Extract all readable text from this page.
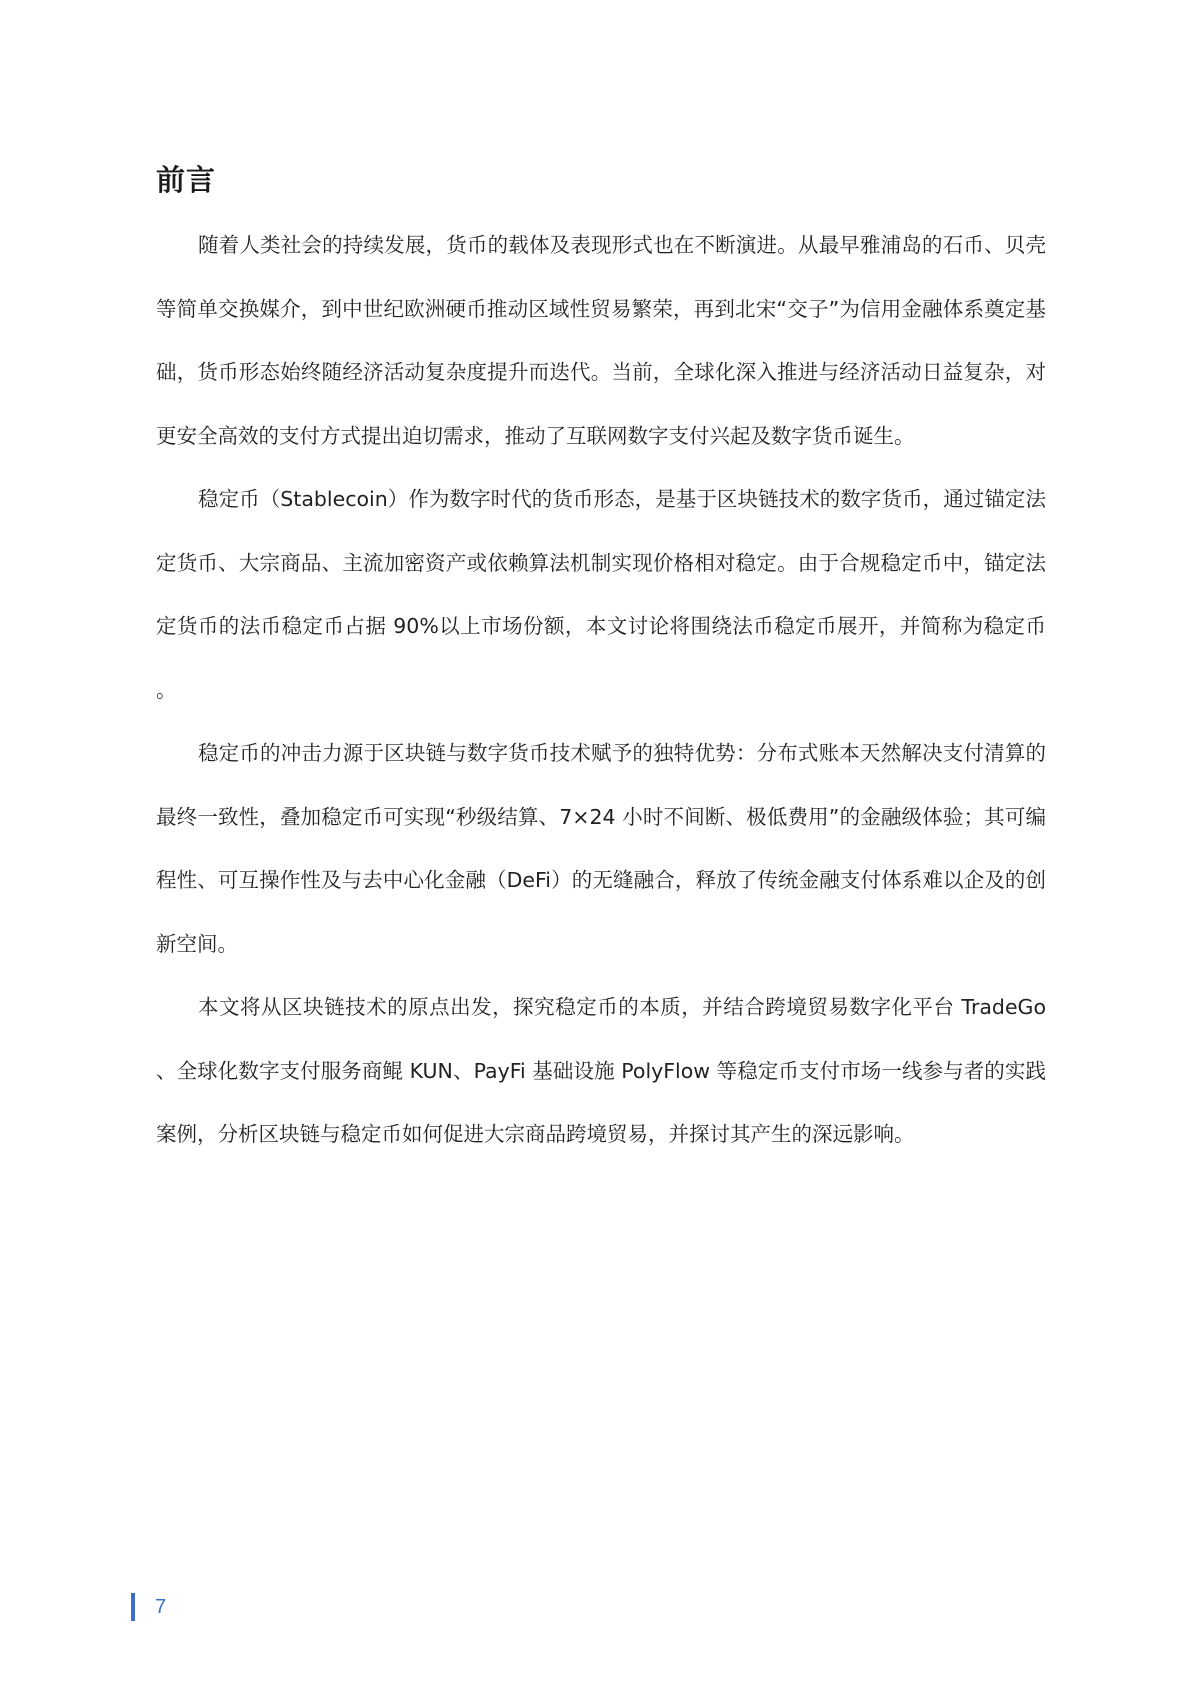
前言

随着人类社会的持续发展，货币的载体及表现形式也在不断演进。从最早雅浦岛的石币、贝壳等简单交换媒介，到中世纪欧洲硬币推动区域性贸易繁荣，再到北宋“交子”为信用金融体系奠定基础，货币形态始终随经济活动复杂度提升而迭代。当前，全球化深入推进与经济活动日益复杂，对更安全高效的支付方式提出迫切需求，推动了互联网数字支付兴起及数字货币诞生。

稳定币（Stablecoin）作为数字时代的货币形态，是基于区块链技术的数字货币，通过锚定法定货币、大宗商品、主流加密资产或依赖算法机制实现价格相对稳定。由于合规稳定币中，锚定法定货币的法币稳定币占据 90%以上市场份额，本文讨论将围绕法币稳定币展开，并简称为稳定币。

稳定币的冲击力源于区块链与数字货币技术赋予的独特优势：分布式账本天然解决支付清算的最终一致性，叠加稳定币可实现“秒级结算、7×24 小时不间断、极低费用”的金融级体验；其可编程性、可互操作性及与去中心化金融（DeFi）的无缝融合，释放了传统金融支付体系难以企及的创新空间。

本文将从区块链技术的原点出发，探究稳定币的本质，并结合跨境贸易数字化平台 TradeGo、全球化数字支付服务商鲲 KUN、PayFi 基础设施 PolyFlow 等稳定币支付市场一线参与者的实践案例，分析区块链与稳定币如何促进大宗商品跨境贸易，并探讨其产生的深远影响。

7
